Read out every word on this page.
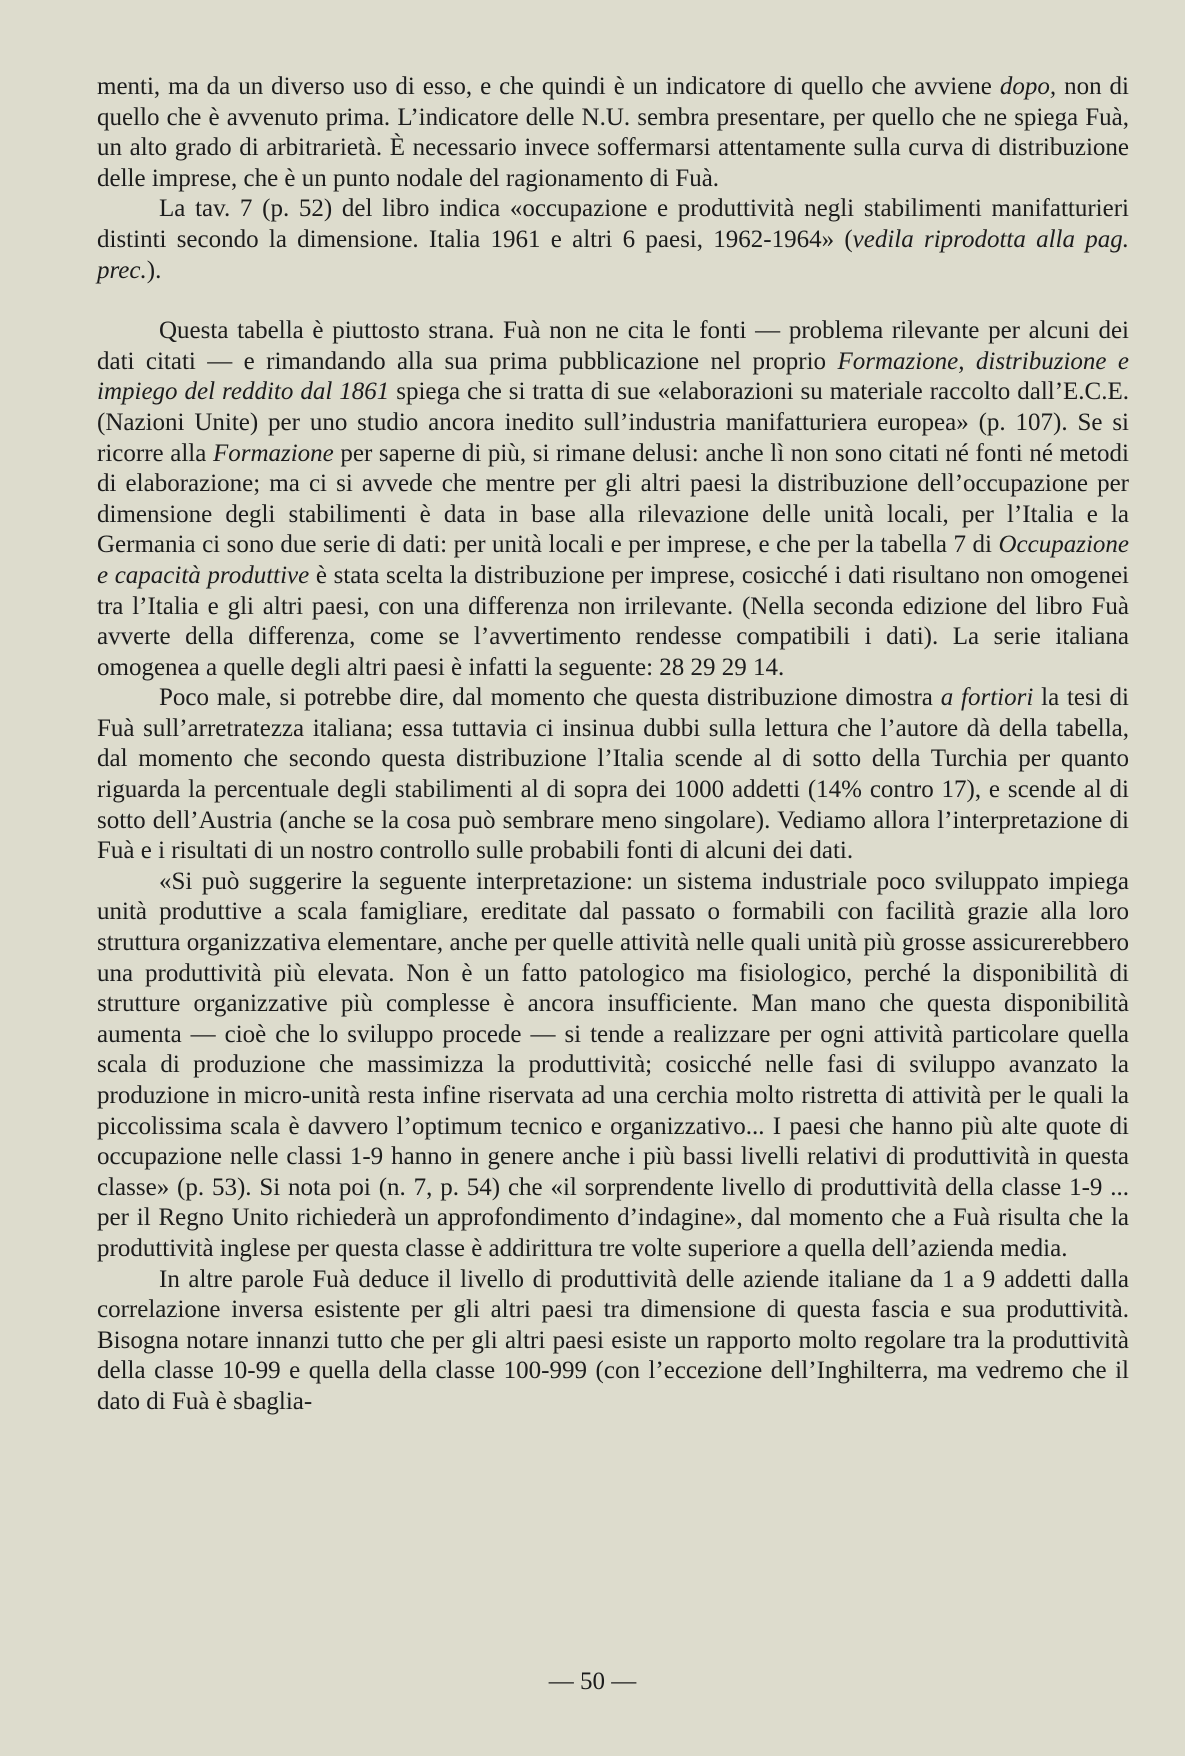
menti, ma da un diverso uso di esso, e che quindi è un indicatore di quello che avviene dopo, non di quello che è avvenuto prima. L’indicatore delle N.U. sembra presentare, per quello che ne spiega Fuà, un alto grado di arbitrarietà. È necessario invece soffermarsi attentamente sulla curva di distribuzione delle imprese, che è un punto nodale del ragionamento di Fuà.

La tav. 7 (p. 52) del libro indica «occupazione e produttività negli stabilimenti manifatturieri distinti secondo la dimensione. Italia 1961 e altri 6 paesi, 1962-1964» (vedila riprodotta alla pag. prec.).

Questa tabella è piuttosto strana. Fuà non ne cita le fonti — problema rilevante per alcuni dei dati citati — e rimandando alla sua prima pubblicazione nel proprio Formazione, distribuzione e impiego del reddito dal 1861 spiega che si tratta di sue «elaborazioni su materiale raccolto dall’E.C.E. (Nazioni Unite) per uno studio ancora inedito sull’industria manifatturiera europea» (p. 107). Se si ricorre alla Formazione per saperne di più, si rimane delusi: anche lì non sono citati né fonti né metodi di elaborazione; ma ci si avvede che mentre per gli altri paesi la distribuzione dell’occupazione per dimensione degli stabilimenti è data in base alla rilevazione delle unità locali, per l’Italia e la Germania ci sono due serie di dati: per unità locali e per imprese, e che per la tabella 7 di Occupazione e capacità produttive è stata scelta la distribuzione per imprese, cosicché i dati risultano non omogenei tra l’Italia e gli altri paesi, con una differenza non irrilevante. (Nella seconda edizione del libro Fuà avverte della differenza, come se l’avvertimento rendesse compatibili i dati). La serie italiana omogenea a quelle degli altri paesi è infatti la seguente: 28 29 29 14.

Poco male, si potrebbe dire, dal momento che questa distribuzione dimostra a fortiori la tesi di Fuà sull’arretratezza italiana; essa tuttavia ci insinua dubbi sulla lettura che l’autore dà della tabella, dal momento che secondo questa distribuzione l’Italia scende al di sotto della Turchia per quanto riguarda la percentuale degli stabilimenti al di sopra dei 1000 addetti (14% contro 17), e scende al di sotto dell’Austria (anche se la cosa può sembrare meno singolare). Vediamo allora l’interpretazione di Fuà e i risultati di un nostro controllo sulle probabili fonti di alcuni dei dati.

«Si può suggerire la seguente interpretazione: un sistema industriale poco sviluppato impiega unità produttive a scala famigliare, ereditate dal passato o formabili con facilità grazie alla loro struttura organizzativa elementare, anche per quelle attività nelle quali unità più grosse assicurerebbero una produttività più elevata. Non è un fatto patologico ma fisiologico, perché la disponibilità di strutture organizzative più complesse è ancora insufficiente. Man mano che questa disponibilità aumenta — cioè che lo sviluppo procede — si tende a realizzare per ogni attività particolare quella scala di produzione che massimizza la produttività; cosicché nelle fasi di sviluppo avanzato la produzione in micro-unità resta infine riservata ad una cerchia molto ristretta di attività per le quali la piccolissima scala è davvero l’optimum tecnico e organizzativo... I paesi che hanno più alte quote di occupazione nelle classi 1-9 hanno in genere anche i più bassi livelli relativi di produttività in questa classe» (p. 53). Si nota poi (n. 7, p. 54) che «il sorprendente livello di produttività della classe 1-9 ... per il Regno Unito richiederà un approfondimento d’indagine», dal momento che a Fuà risulta che la produttività inglese per questa classe è addirittura tre volte superiore a quella dell’azienda media.

In altre parole Fuà deduce il livello di produttività delle aziende italiane da 1 a 9 addetti dalla correlazione inversa esistente per gli altri paesi tra dimensione di questa fascia e sua produttività. Bisogna notare innanzi tutto che per gli altri paesi esiste un rapporto molto regolare tra la produttività della classe 10-99 e quella della classe 100-999 (con l’eccezione dell’Inghilterra, ma vedremo che il dato di Fuà è sbaglia-

— 50 —
